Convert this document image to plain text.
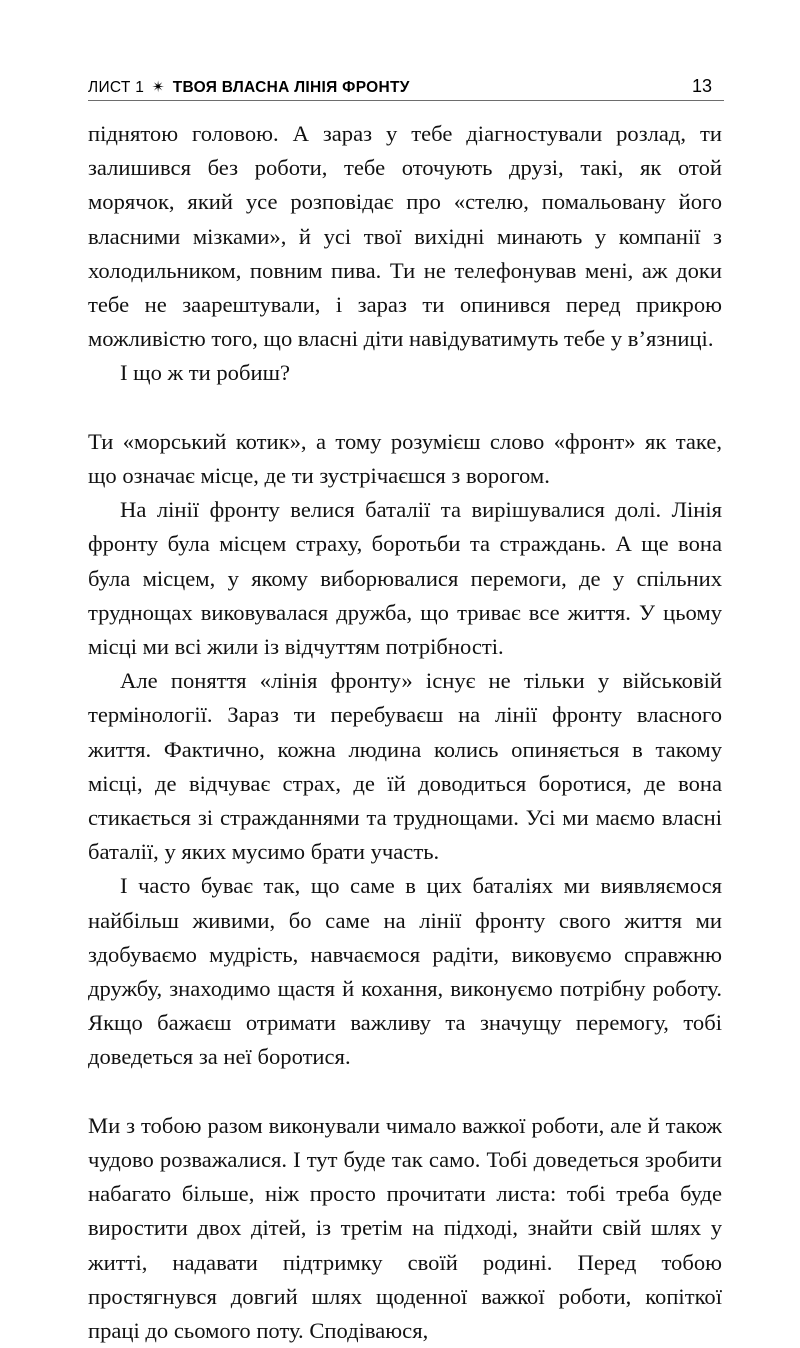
ЛИСТ 1 ✴ ТВОЯ ВЛАСНА ЛІНІЯ ФРОНТУ	13

піднятою головою. А зараз у тебе діагностували розлад, ти залишився без роботи, тебе оточують друзі, такі, як отой морячок, який усе розповідає про «стелю, помальовану його власними мізками», й усі твої вихідні минають у компанії з холодильником, повним пива. Ти не телефонував мені, аж доки тебе не заарештували, і зараз ти опинився перед прикрою можливістю того, що власні діти навідуватимуть тебе у в’язниці.

І що ж ти робиш?

Ти «морський котик», а тому розумієш слово «фронт» як таке, що означає місце, де ти зустрічаєшся з ворогом.

На лінії фронту велися баталії та вирішувалися долі. Лінія фронту була місцем страху, боротьби та страждань. А ще вона була місцем, у якому виборювалися перемоги, де у спільних труднощах виковувалася дружба, що триває все життя. У цьому місці ми всі жили із відчуттям потрібності.

Але поняття «лінія фронту» існує не тільки у військовій термінології. Зараз ти перебуваєш на лінії фронту власного життя. Фактично, кожна людина колись опиняється в такому місці, де відчуває страх, де їй доводиться боротися, де вона стикається зі стражданнями та труднощами. Усі ми маємо власні баталії, у яких мусимо брати участь.

І часто буває так, що саме в цих баталіях ми виявляємося найбільш живими, бо саме на лінії фронту свого життя ми здобуваємо мудрість, навчаємося радіти, виковуємо справжню дружбу, знаходимо щастя й кохання, виконуємо потрібну роботу. Якщо бажаєш отримати важливу та значущу перемогу, тобі доведеться за неї боротися.

Ми з тобою разом виконували чимало важкої роботи, але й також чудово розважалися. І тут буде так само. Тобі доведеться зробити набагато більше, ніж просто прочитати листа: тобі треба буде виростити двох дітей, із третім на підході, знайти свій шлях у житті, надавати підтримку своїй родині. Перед тобою простягнувся довгий шлях щоденної важкої роботи, копіткої праці до сьомого поту. Сподіваюся,
